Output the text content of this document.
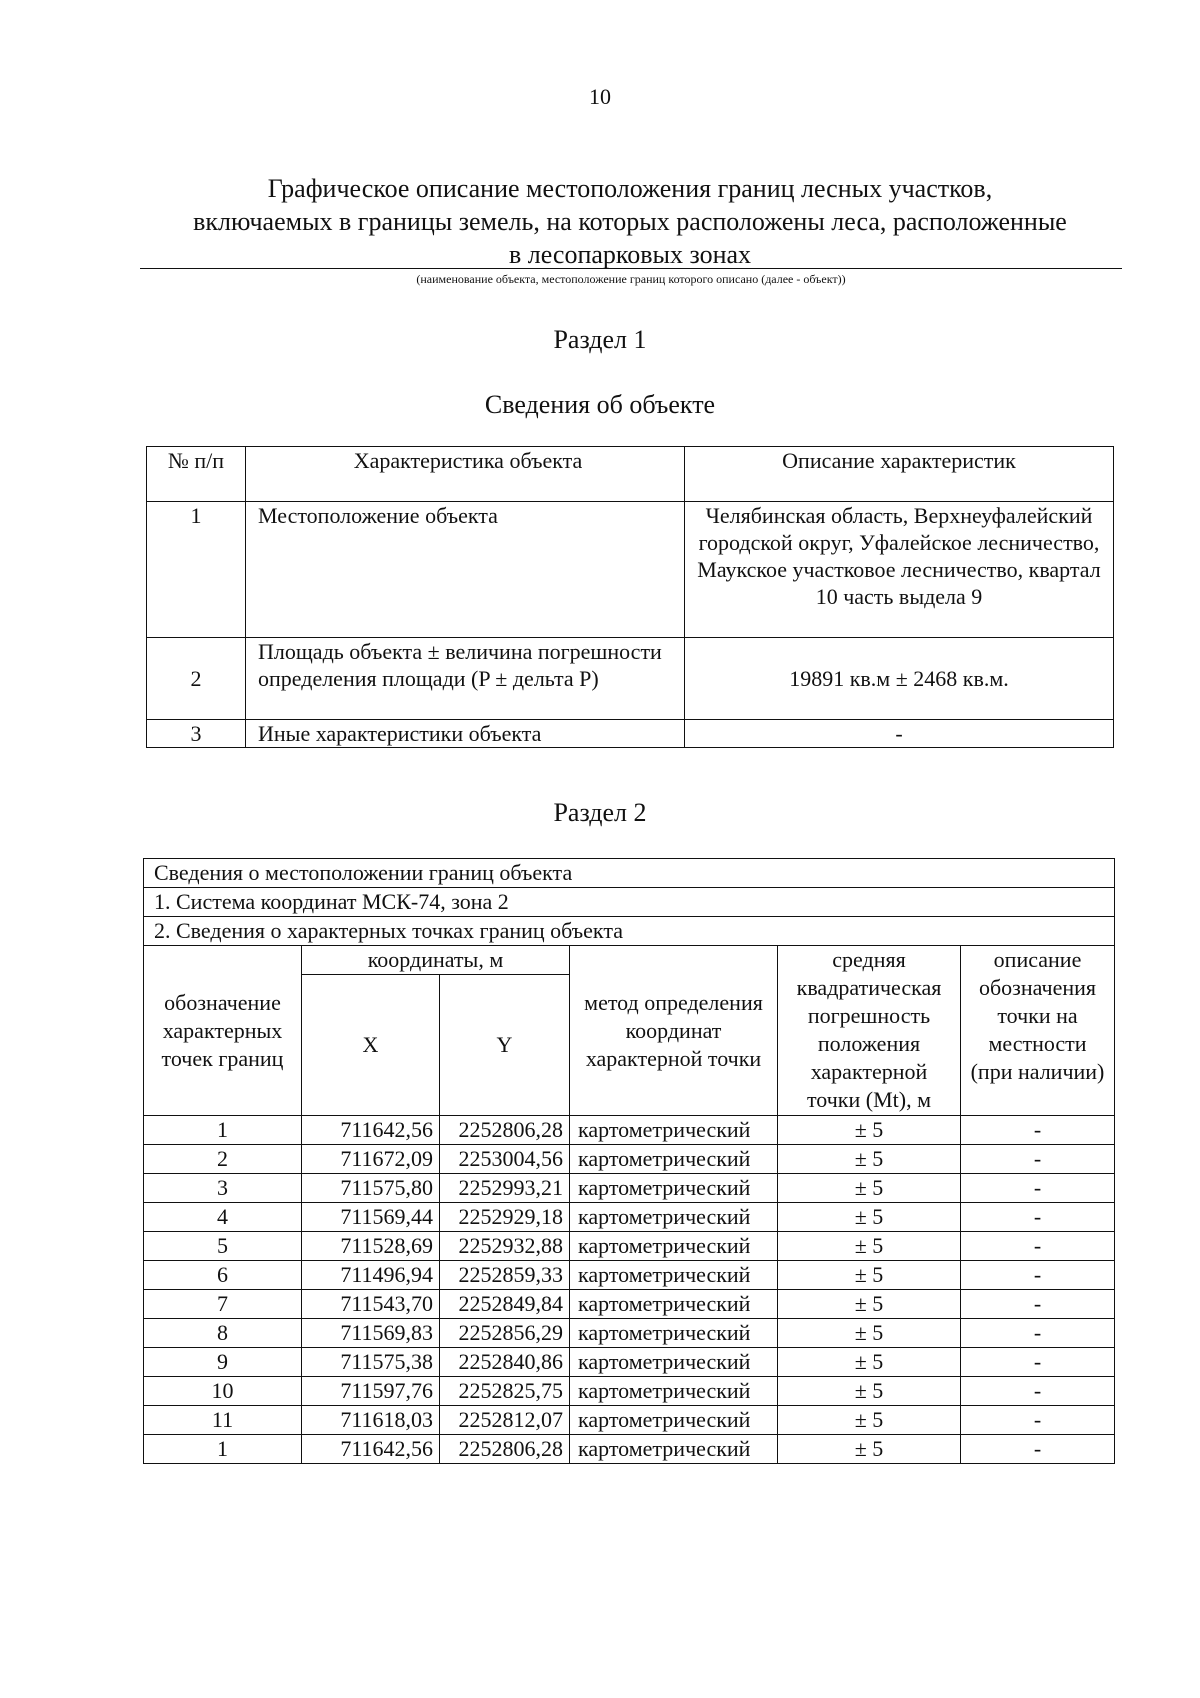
10
Графическое описание местоположения границ лесных участков,
включаемых в границы земель, на которых расположены леса, расположенные
в лесопарковых зонах
(наименование объекта, местоположение границ которого описано (далее - объект))
Раздел 1
Сведения об объекте
№ п/п	Характеристика объекта	Описание характеристик
1	Местоположение объекта	Челябинская область, Верхнеуфалейский городской округ, Уфалейское лесничество, Маукское участковое лесничество, квартал 10 часть выдела 9
2	Площадь объекта ± величина погрешности определения площади (P ± дельта P)	19891 кв.м ± 2468 кв.м.
3	Иные характеристики объекта	-
Раздел 2
Сведения о местоположении границ объекта					
1. Система координат МСК-74, зона 2					
2. Сведения о характерных точках границ объекта					
обозначение характерных точек границ	координаты, м		метод определения координат характерной точки	средняя квадратическая погрешность положения характерной точки (Mt), м	описание обозначения точки на местности (при наличии)
	X	Y			
1	711642,56	2252806,28	картометрический	± 5	-
2	711672,09	2253004,56	картометрический	± 5	-
3	711575,80	2252993,21	картометрический	± 5	-
4	711569,44	2252929,18	картометрический	± 5	-
5	711528,69	2252932,88	картометрический	± 5	-
6	711496,94	2252859,33	картометрический	± 5	-
7	711543,70	2252849,84	картометрический	± 5	-
8	711569,83	2252856,29	картометрический	± 5	-
9	711575,38	2252840,86	картометрический	± 5	-
10	711597,76	2252825,75	картометрический	± 5	-
11	711618,03	2252812,07	картометрический	± 5	-
1	711642,56	2252806,28	картометрический	± 5	-
